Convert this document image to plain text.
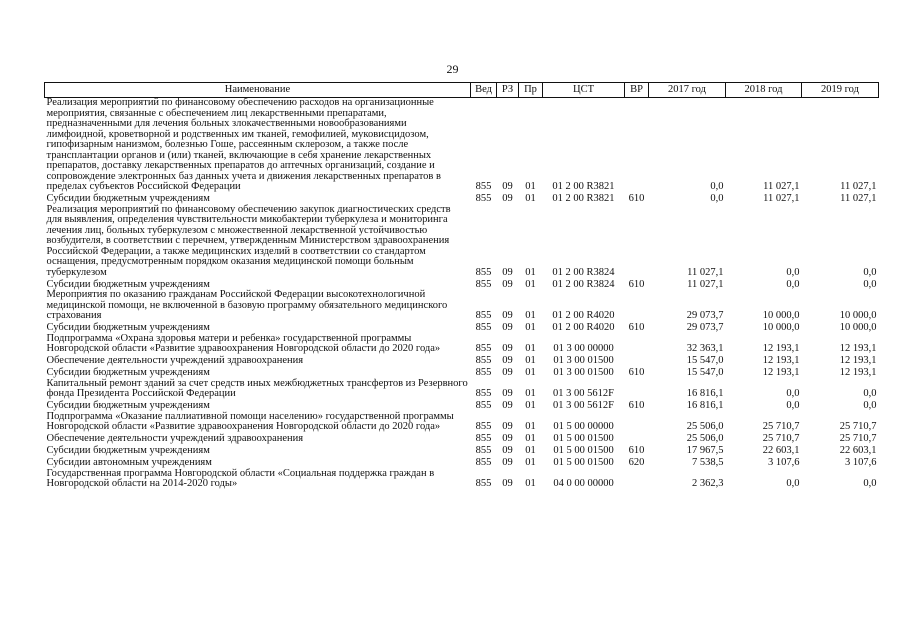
29
Наименование	Вед	РЗ	Пр	ЦСТ	ВР	2017 год	2018 год	2019 год
Реализация мероприятий по финансовому обеспечению расходов на организационные мероприятия, связанные с обеспечением лиц лекарственными препаратами, предназначенными для лечения больных злокачественными новообразованиями лимфоидной, кроветворной и родственных им тканей, гемофилией, муковисцидозом, гипофизарным нанизмом, болезнью Гоше, рассеянным склерозом, а также после трансплантации органов и (или) тканей, включающие в себя хранение лекарственных препаратов, доставку лекарственных препаратов до аптечных организаций, создание и сопровождение электронных баз данных учета и движения лекарственных препаратов в пределах субъектов Российской Федерации	855	09	01	01 2 00 R3821		0,0	11 027,1	11 027,1
Субсидии бюджетным учреждениям	855	09	01	01 2 00 R3821	610	0,0	11 027,1	11 027,1
Реализация мероприятий по финансовому обеспечению закупок диагностических средств для выявления, определения чувствительности микобактерии туберкулеза и мониторинга лечения лиц, больных туберкулезом с множественной лекарственной устойчивостью возбудителя, в соответствии с перечнем, утвержденным Министерством здравоохранения Российской Федерации, а также медицинских изделий в соответствии со стандартом оснащения, предусмотренным порядком оказания медицинской помощи больным туберкулезом	855	09	01	01 2 00 R3824		11 027,1	0,0	0,0
Субсидии бюджетным учреждениям	855	09	01	01 2 00 R3824	610	11 027,1	0,0	0,0
Мероприятия по оказанию гражданам Российской Федерации высокотехнологичной медицинской помощи, не включенной в базовую программу обязательного медицинского страхования	855	09	01	01 2 00 R4020		29 073,7	10 000,0	10 000,0
Субсидии бюджетным учреждениям	855	09	01	01 2 00 R4020	610	29 073,7	10 000,0	10 000,0
Подпрограмма «Охрана здоровья матери и ребенка» государственной программы Новгородской области «Развитие здравоохранения Новгородской области до 2020 года»	855	09	01	01 3 00 00000		32 363,1	12 193,1	12 193,1
Обеспечение деятельности учреждений здравоохранения	855	09	01	01 3 00 01500		15 547,0	12 193,1	12 193,1
Субсидии бюджетным учреждениям	855	09	01	01 3 00 01500	610	15 547,0	12 193,1	12 193,1
Капитальный ремонт зданий за счет средств иных межбюджетных трансфертов из Резервного фонда Президента Российской Федерации	855	09	01	01 3 00 5612F		16 816,1	0,0	0,0
Субсидии бюджетным учреждениям	855	09	01	01 3 00 5612F	610	16 816,1	0,0	0,0
Подпрограмма «Оказание паллиативной помощи населению» государственной программы Новгородской области «Развитие здравоохранения Новгородской области до 2020 года»	855	09	01	01 5 00 00000		25 506,0	25 710,7	25 710,7
Обеспечение деятельности учреждений здравоохранения	855	09	01	01 5 00 01500		25 506,0	25 710,7	25 710,7
Субсидии бюджетным учреждениям	855	09	01	01 5 00 01500	610	17 967,5	22 603,1	22 603,1
Субсидии автономным учреждениям	855	09	01	01 5 00 01500	620	7 538,5	3 107,6	3 107,6
Государственная программа Новгородской области «Социальная поддержка граждан в Новгородской области на 2014-2020 годы»	855	09	01	04 0 00 00000		2 362,3	0,0	0,0
